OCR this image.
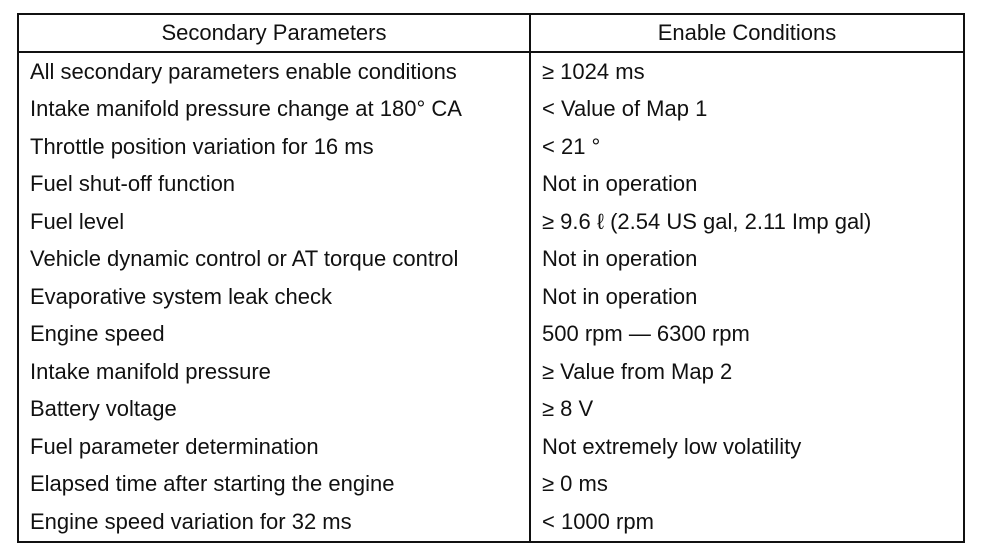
Secondary Parameters	Enable Conditions
All secondary parameters enable conditions	≥ 1024 ms
Intake manifold pressure change at 180° CA	< Value of Map 1
Throttle position variation for 16 ms	< 21 °
Fuel shut-off function	Not in operation
Fuel level	≥ 9.6 ℓ (2.54 US gal, 2.11 Imp gal)
Vehicle dynamic control or AT torque control	Not in operation
Evaporative system leak check	Not in operation
Engine speed	500 rpm — 6300 rpm
Intake manifold pressure	≥ Value from Map 2
Battery voltage	≥ 8 V
Fuel parameter determination	Not extremely low volatility
Elapsed time after starting the engine	≥ 0 ms
Engine speed variation for 32 ms	< 1000 rpm
